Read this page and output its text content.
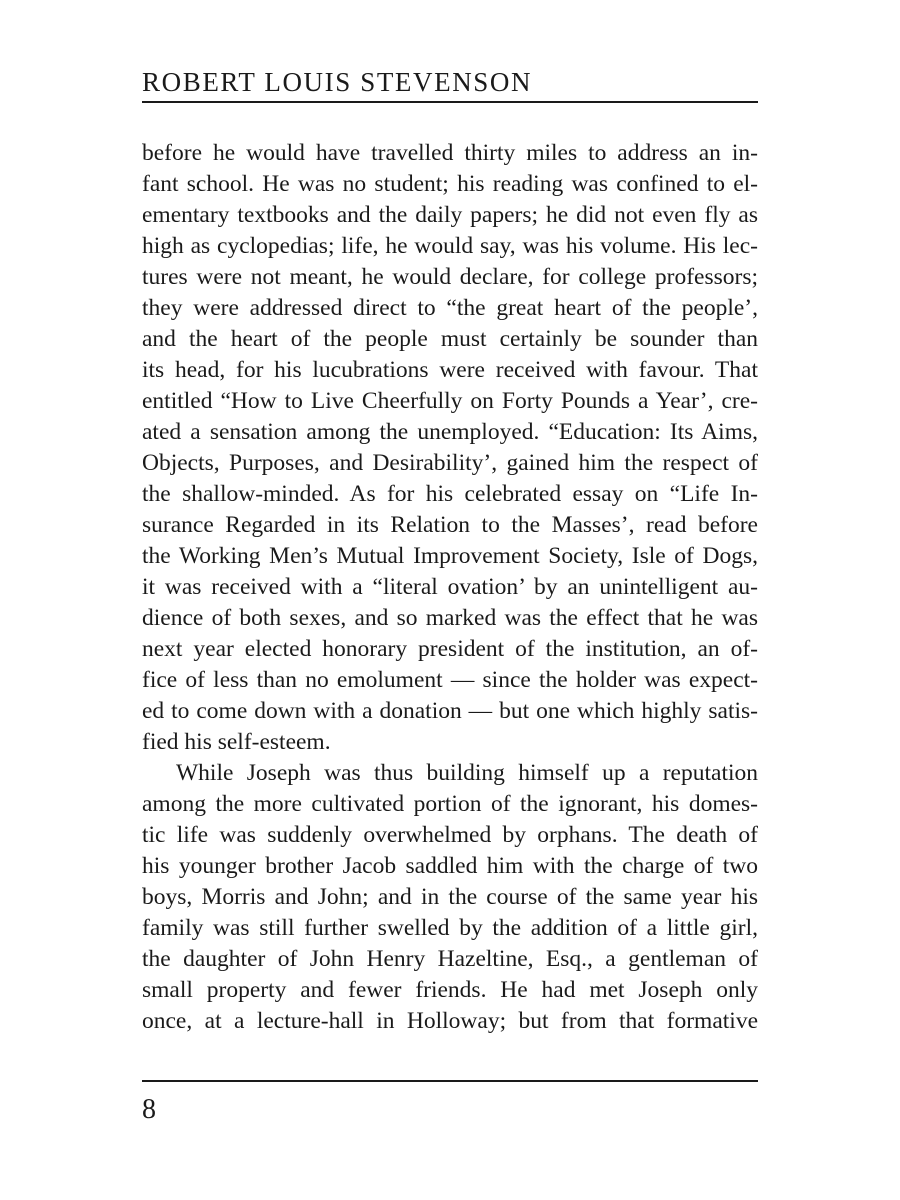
ROBERT LOUIS STEVENSON
before he would have travelled thirty miles to address an in-
fant school. He was no student; his reading was confined to el-
ementary textbooks and the daily papers; he did not even fly as
high as cyclopedias; life, he would say, was his volume. His lec-
tures were not meant, he would declare, for college professors;
they were addressed direct to “the great heart of the people’,
and the heart of the people must certainly be sounder than
its head, for his lucubrations were received with favour. That
entitled “How to Live Cheerfully on Forty Pounds a Year’, cre-
ated a sensation among the unemployed. “Education: Its Aims,
Objects, Purposes, and Desirability’, gained him the respect of
the shallow-minded. As for his celebrated essay on “Life In-
surance Regarded in its Relation to the Masses’, read before
the Working Men’s Mutual Improvement Society, Isle of Dogs,
it was received with a “literal ovation’ by an unintelligent au-
dience of both sexes, and so marked was the effect that he was
next year elected honorary president of the institution, an of-
fice of less than no emolument — since the holder was expect-
ed to come down with a donation — but one which highly satis-
fied his self-esteem.
While Joseph was thus building himself up a reputation
among the more cultivated portion of the ignorant, his domes-
tic life was suddenly overwhelmed by orphans. The death of
his younger brother Jacob saddled him with the charge of two
boys, Morris and John; and in the course of the same year his
family was still further swelled by the addition of a little girl,
the daughter of John Henry Hazeltine, Esq., a gentleman of
small property and fewer friends. He had met Joseph only
once, at a lecture-hall in Holloway; but from that formative
8
